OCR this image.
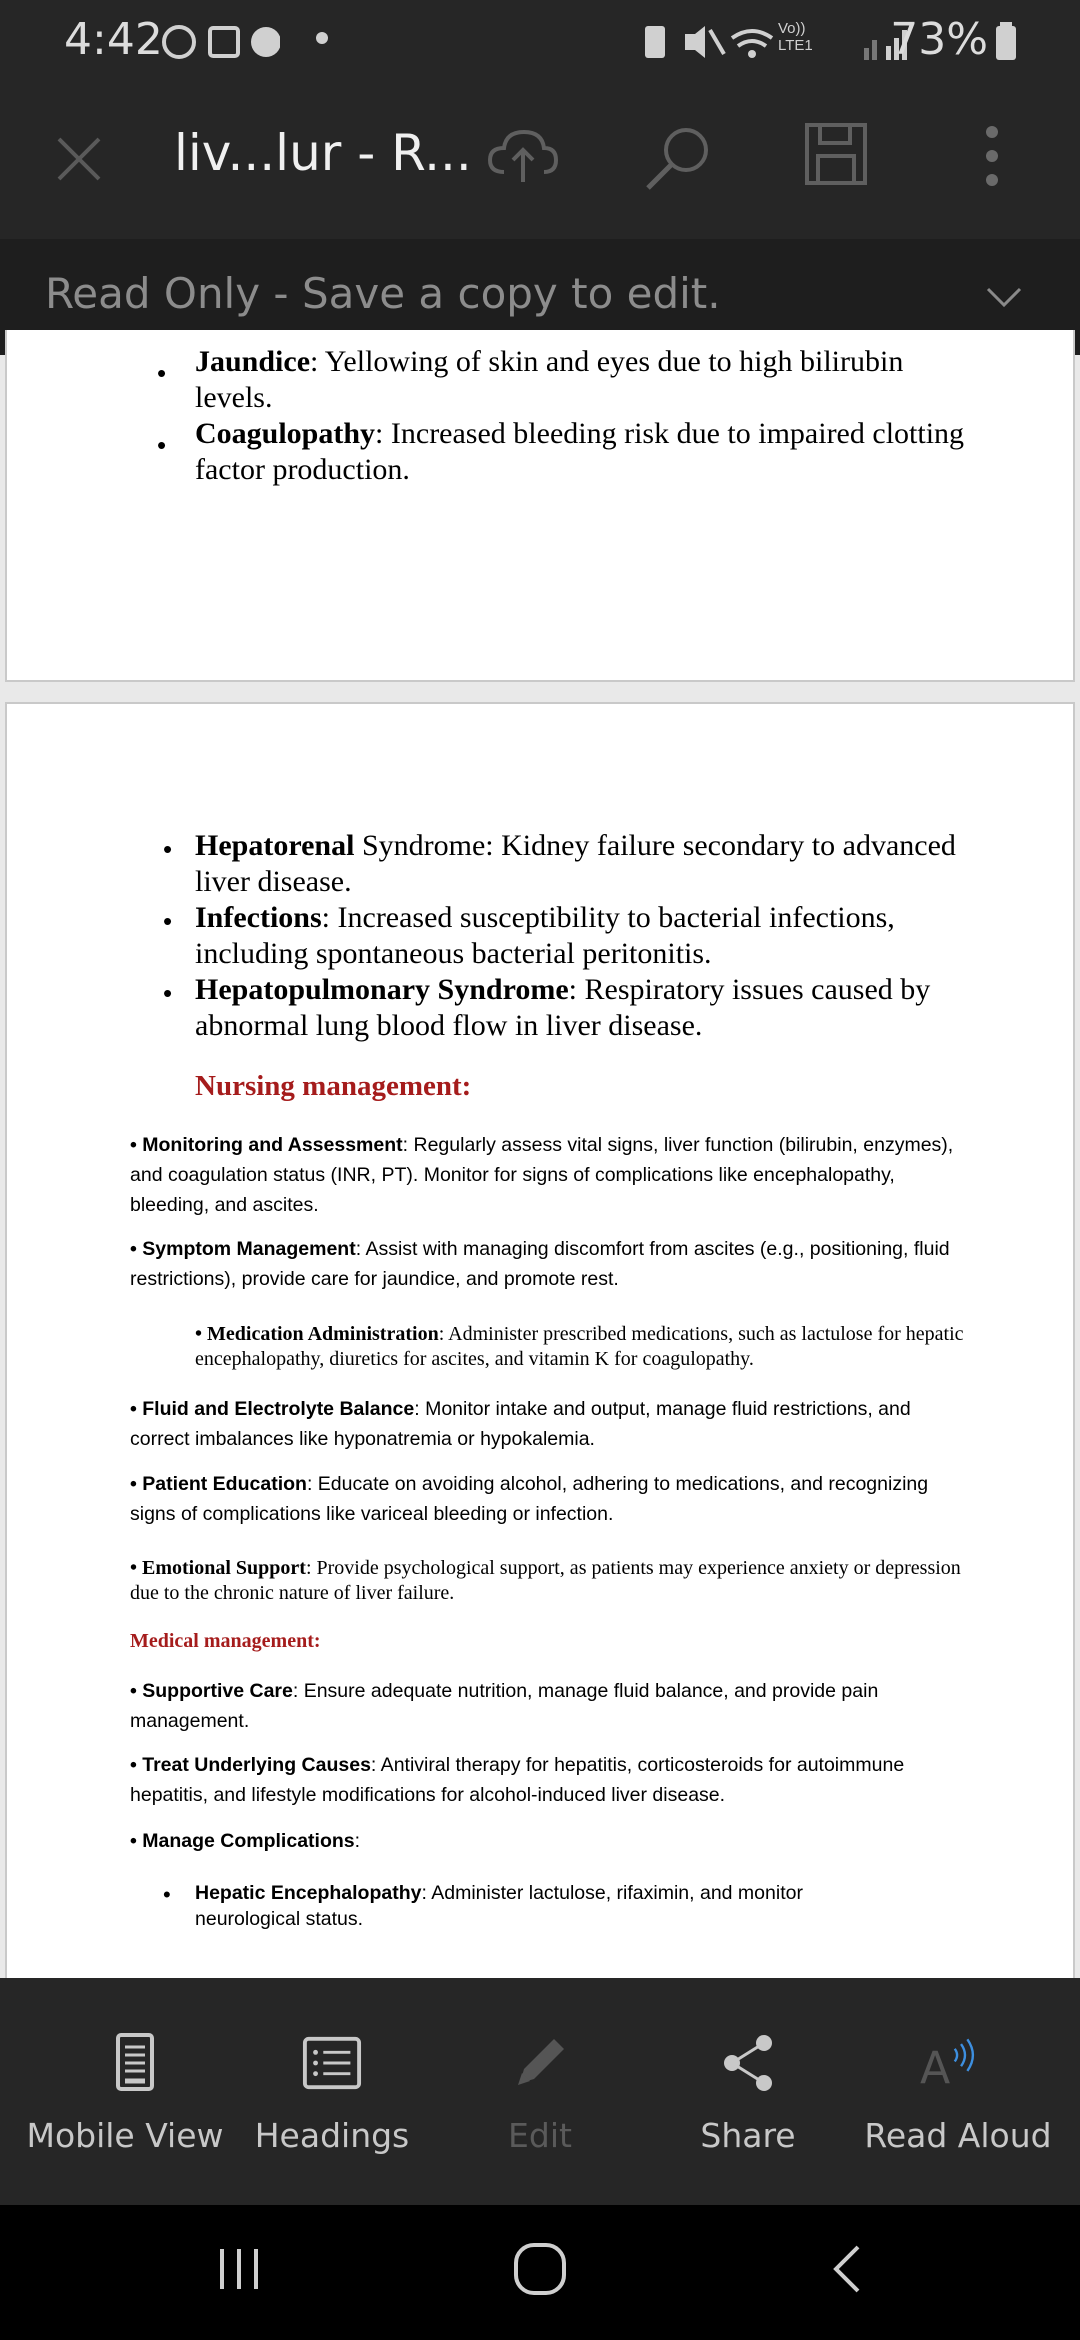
4:42	Vo)) LTE1 73%
liv...lur - R...
Read Only - Save a copy to edit.
• Jaundice: Yellowing of skin and eyes due to high bilirubin levels.
• Coagulopathy: Increased bleeding risk due to impaired clotting factor production.
• Hepatorenal Syndrome: Kidney failure secondary to advanced liver disease.
• Infections: Increased susceptibility to bacterial infections, including spontaneous bacterial peritonitis.
• Hepatopulmonary Syndrome: Respiratory issues caused by abnormal lung blood flow in liver disease.
Nursing management:
• Monitoring and Assessment: Regularly assess vital signs, liver function (bilirubin, enzymes), and coagulation status (INR, PT). Monitor for signs of complications like encephalopathy, bleeding, and ascites.
• Symptom Management: Assist with managing discomfort from ascites (e.g., positioning, fluid restrictions), provide care for jaundice, and promote rest.
• Medication Administration: Administer prescribed medications, such as lactulose for hepatic encephalopathy, diuretics for ascites, and vitamin K for coagulopathy.
• Fluid and Electrolyte Balance: Monitor intake and output, manage fluid restrictions, and correct imbalances like hyponatremia or hypokalemia.
• Patient Education: Educate on avoiding alcohol, adhering to medications, and recognizing signs of complications like variceal bleeding or infection.
• Emotional Support: Provide psychological support, as patients may experience anxiety or depression due to the chronic nature of liver failure.
Medical management:
• Supportive Care: Ensure adequate nutrition, manage fluid balance, and provide pain management.
• Treat Underlying Causes: Antiviral therapy for hepatitis, corticosteroids for autoimmune hepatitis, and lifestyle modifications for alcohol-induced liver disease.
• Manage Complications:
• Hepatic Encephalopathy: Administer lactulose, rifaximin, and monitor neurological status.
Mobile View Headings	Edit	Share
A
Read Aloud
